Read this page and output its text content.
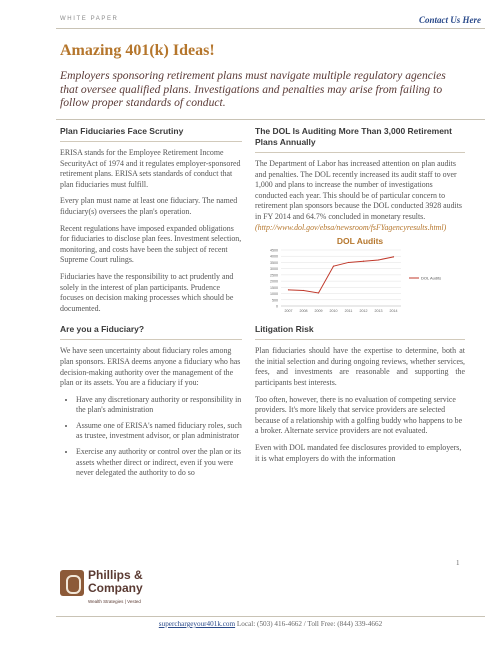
WHITE PAPER	Contact Us Here
Amazing 401(k) Ideas!
Employers sponsoring retirement plans must navigate multiple regulatory agencies that oversee qualified plans. Investigations and penalties may arise from failing to follow proper standards of conduct.
Plan Fiduciaries Face Scrutiny

ERISA stands for the Employee Retirement Income SecurityAct of 1974 and it regulates employer-sponsored retirement plans. ERISA sets standards of conduct that plan fiduciaries must fulfill.

Every plan must name at least one fiduciary. The named fiduciary(s) oversees the plan's operation.

Recent regulations have imposed expanded obligations for fiduciaries to disclose plan fees. Investment selection, monitoring, and costs have been the subject of recent Supreme Court rulings.

Fiduciaries have the responsibility to act prudently and solely in the interest of plan participants. Prudence focuses on decision making processes which should be documented.

Are you a Fiduciary?

We have seen uncertainty about fiduciary roles among plan sponsors. ERISA deems anyone a fiduciary who has decision-making authority over the management of the plan or its assets. You are a fiduciary if you:

• Have any discretionary authority or responsibility in the plan's administration
• Assume one of ERISA's named fiduciary roles, such as trustee, investment advisor, or plan administrator
• Exercise any authority or control over the plan or its assets whether direct or indirect, even if you were never delegated the authority to do so
The DOL Is Auditing More Than 3,000 Retirement Plans Annually

The Department of Labor has increased attention on plan audits and penalties. The DOL recently increased its audit staff to over 1,000 and plans to increase the number of investigations conducted each year. This should be of particular concern to retirement plan sponsors because the DOL conducted 3928 audits in FY 2014 and 64.7% concluded in monetary results.

(http://www.dol.gov/ebsa/newsroom/fsFYagencyresults.html)

DOL Audits
0
500
1000
1500
2000
2500
3000
3500
4000
4500
2007 2008 2009 2010 2011 2012 2013 2014
DOL Audits
Litigation Risk

Plan fiduciaries should have the expertise to determine, both at the initial selection and during ongoing reviews, whether services, fees, and investments are reasonable and supporting the participants best interests.

Too often, however, there is no evaluation of competing service providers. It's more likely that service providers are selected because of a relationship with a golfing buddy who happens to be a broker. Alternate service providers are not evaluated.

Even with DOL mandated fee disclosures provided to employers, it is what employers do with the information

1
Phillips &
Company
Wealth Strategies | Vested
superchargeyour401k.com Local: (503) 416-4662 / Toll Free: (844) 339-4662
